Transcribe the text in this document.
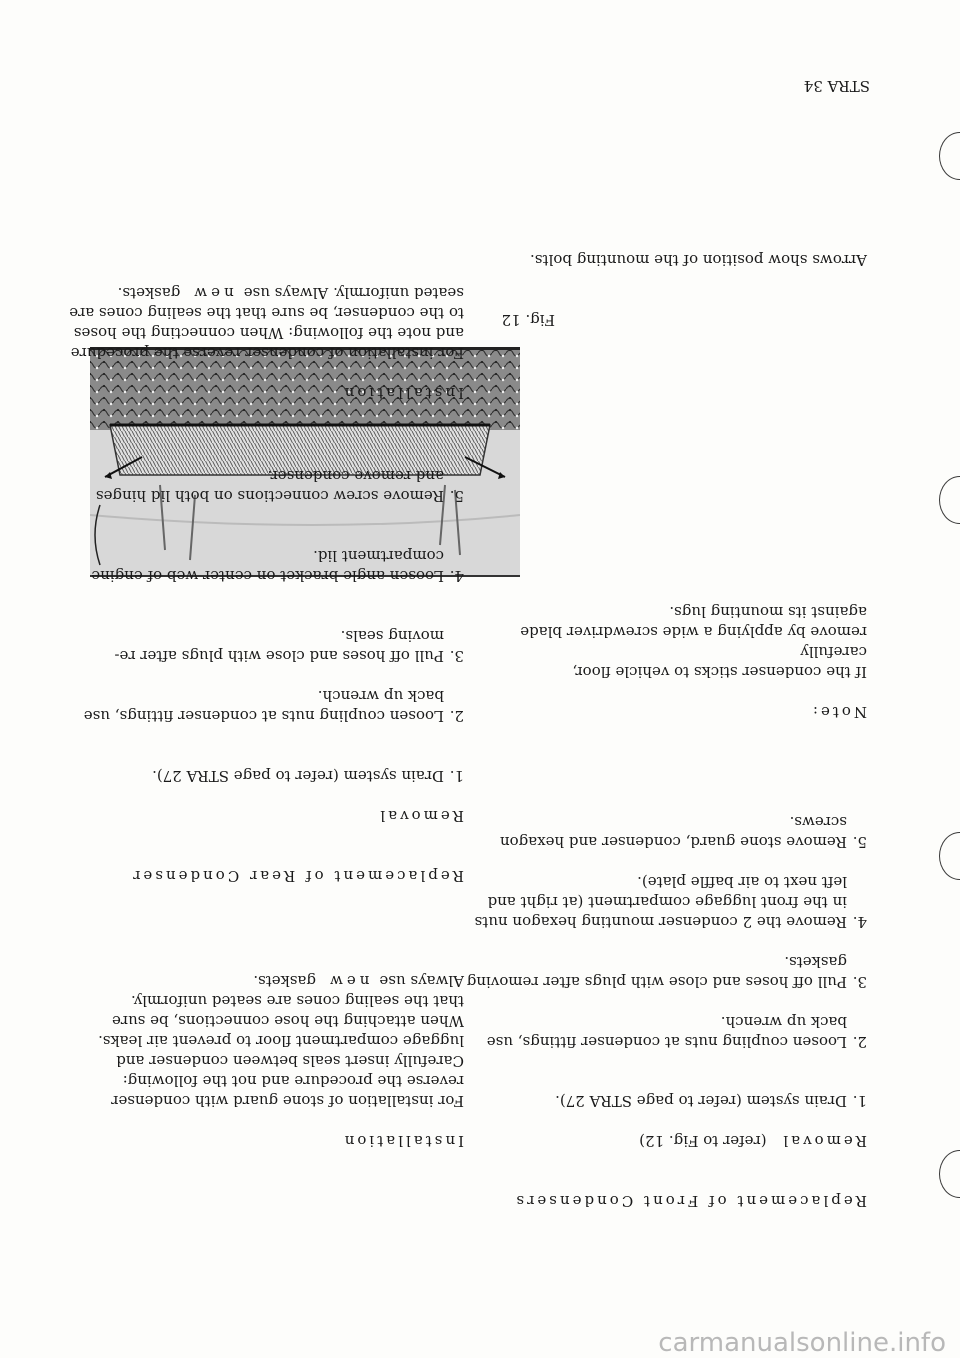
STRA 34
Replacement of Front Condensers
Removal (refer to Fig. 12)
1.Drain system (refer to page STRA 27).
2.Loosen coupling nuts at condenser fittings, use
back up wrench.
3.Pull off hoses and close with plugs after removing
gaskets.
4.Remove the 2 condenser mounting hexagon nuts
in the front luggage compartment (at right and
left next to air baffle plate).
5.Remove stone guard, condenser and hexagon
screws.
Note:
If the condenser sticks to vehicle floor, carefully
remove by applying a wide screwdriver blade
against its mounting lugs.
Fig. 12
Arrows show position of the mounting bolts.
Installation
For installation of stone guard with condenser
reverse the procedure and not the following:
Carefully insert seals between condenser and
luggage compartment floor to prevent air leaks.
When attaching the hose connections, be sure
that the sealing cones are seated uniformly.
Always usenewgaskets.
Replacement of Rear Condenser
Removal
1.Drain system (refer to page STRA 27).
2.Loosen coupling nuts at condenser fittings, use
back up wrench.
3.Pull off hoses and close with plugs after re-
moving seals.
4.Loosen angle bracket on center web of engine
compartment lid.
5.Remove screw connections on both lid hinges
and remove condenser.
Installation
For installation of condenser reverse the procedure
and note the following: When connecting the hoses
to the condenser, be sure that the sealing cones are
seated uniformly. Always usenewgaskets.
carmanualsonline.info
